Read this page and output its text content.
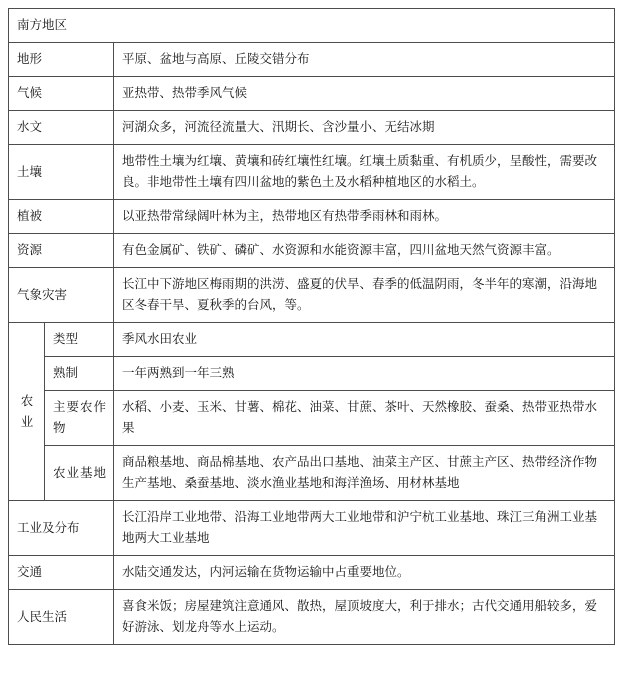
南方地区		
地形		平原、盆地与高原、丘陵交错分布
气候		亚热带、热带季风气候
水文		河湖众多，河流径流量大、汛期长、含沙量小、无结冰期
土壤		地带性土壤为红壤、黄壤和砖红壤性红壤。红壤土质黏重、有机质少，呈酸性，需要改良。非地带性土壤有四川盆地的紫色土及水稻种植地区的水稻土。
植被		以亚热带常绿阔叶林为主，热带地区有热带季雨林和雨林。
资源		有色金属矿、铁矿、磷矿、水资源和水能资源丰富，四川盆地天然气资源丰富。
气象灾害		长江中下游地区梅雨期的洪涝、盛夏的伏旱、春季的低温阴雨，冬半年的寒潮，沿海地区冬春干旱、夏秋季的台风，等。

农业	类型	季风水田农业
	熟制	一年两熟到一年三熟
	主要农作物	水稻、小麦、玉米、甘薯、棉花、油菜、甘蔗、茶叶、天然橡胶、蚕桑、热带亚热带水果
	农业基地	商品粮基地、商品棉基地、农产品出口基地、油菜主产区、甘蔗主产区、热带经济作物生产基地、桑蚕基地、淡水渔业基地和海洋渔场、用材林基地
工业及分布		长江沿岸工业地带、沿海工业地带两大工业地带和沪宁杭工业基地、珠江三角洲工业基地两大工业基地
交通		水陆交通发达，内河运输在货物运输中占重要地位。
人民生活		喜食米饭；房屋建筑注意通风、散热，屋顶坡度大，利于排水；古代交通用船较多，爱好游泳、划龙舟等水上运动。
